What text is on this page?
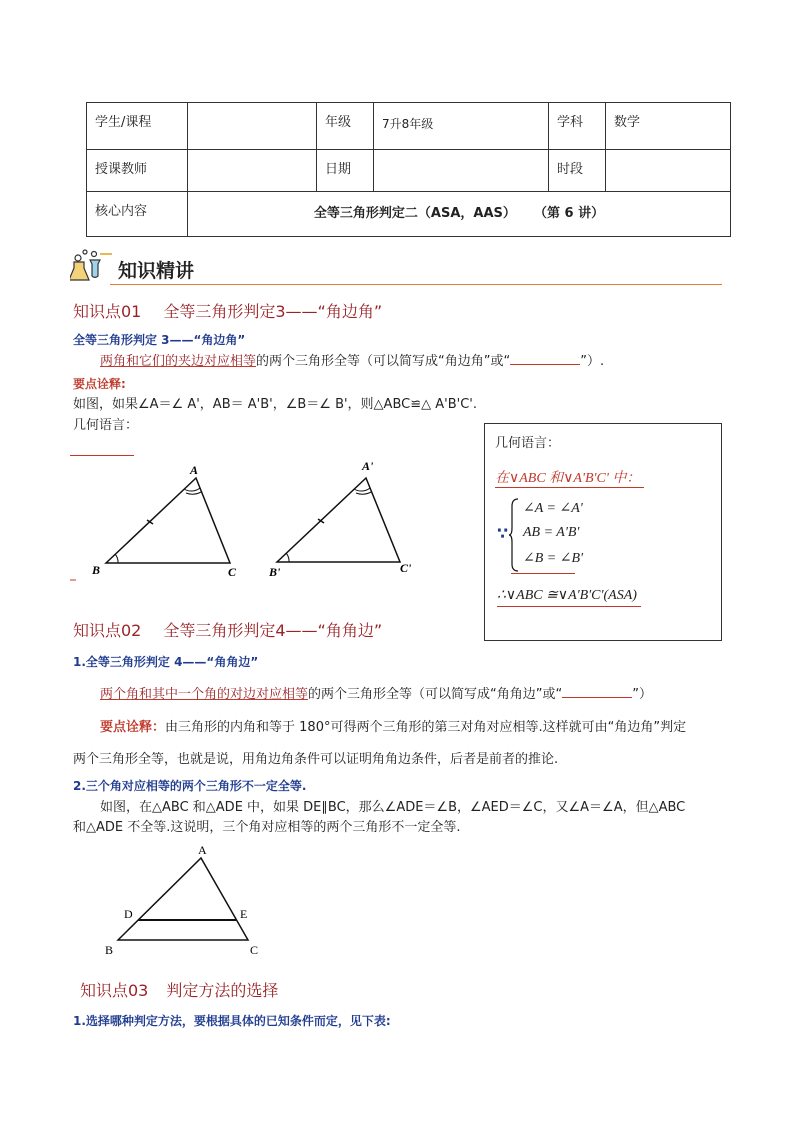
学生/课程		年级	7升8年级	学科	数学
授课教师		日期		时段	
核心内容	全等三角形判定二（ASA，AAS）    （第 6 讲）				
知识精讲
知识点01 全等三角形判定3——“角边角”
全等三角形判定 3——“角边角”
两角和它们的夹边对应相等的两个三角形全等（可以简写成“角边角”或“	”）.
要点诠释:
如图，如果∠A＝∠ A'，AB＝ A'B'，∠B＝∠ B'，则△ABC≌△ A'B'C'.
几何语言：
A
B	C
A'
B'	C'
几何语言：
在∨ABC 和∨A'B'C' 中：
∵
∠A = ∠A'
AB = A'B'
∠B = ∠B'
∴∨ABC ≅∨A'B'C'(ASA)
知识点02 全等三角形判定4——“角角边”
1.全等三角形判定 4——“角角边”
两个角和其中一个角的对边对应相等的两个三角形全等（可以简写成“角角边”或“	”）
要点诠释：由三角形的内角和等于 180°可得两个三角形的第三对角对应相等.这样就可由“角边角”判定
两个三角形全等，也就是说，用角边角条件可以证明角角边条件，后者是前者的推论.
2.三个角对应相等的两个三角形不一定全等.
如图，在△ABC 和△ADE 中，如果 DE∥BC，那么∠ADE＝∠B，∠AED＝∠C，又∠A＝∠A，但△ABC
和△ADE 不全等.这说明，三个角对应相等的两个三角形不一定全等.
A
B	C
D	E
知识点03 判定方法的选择
1.选择哪种判定方法，要根据具体的已知条件而定，见下表:
